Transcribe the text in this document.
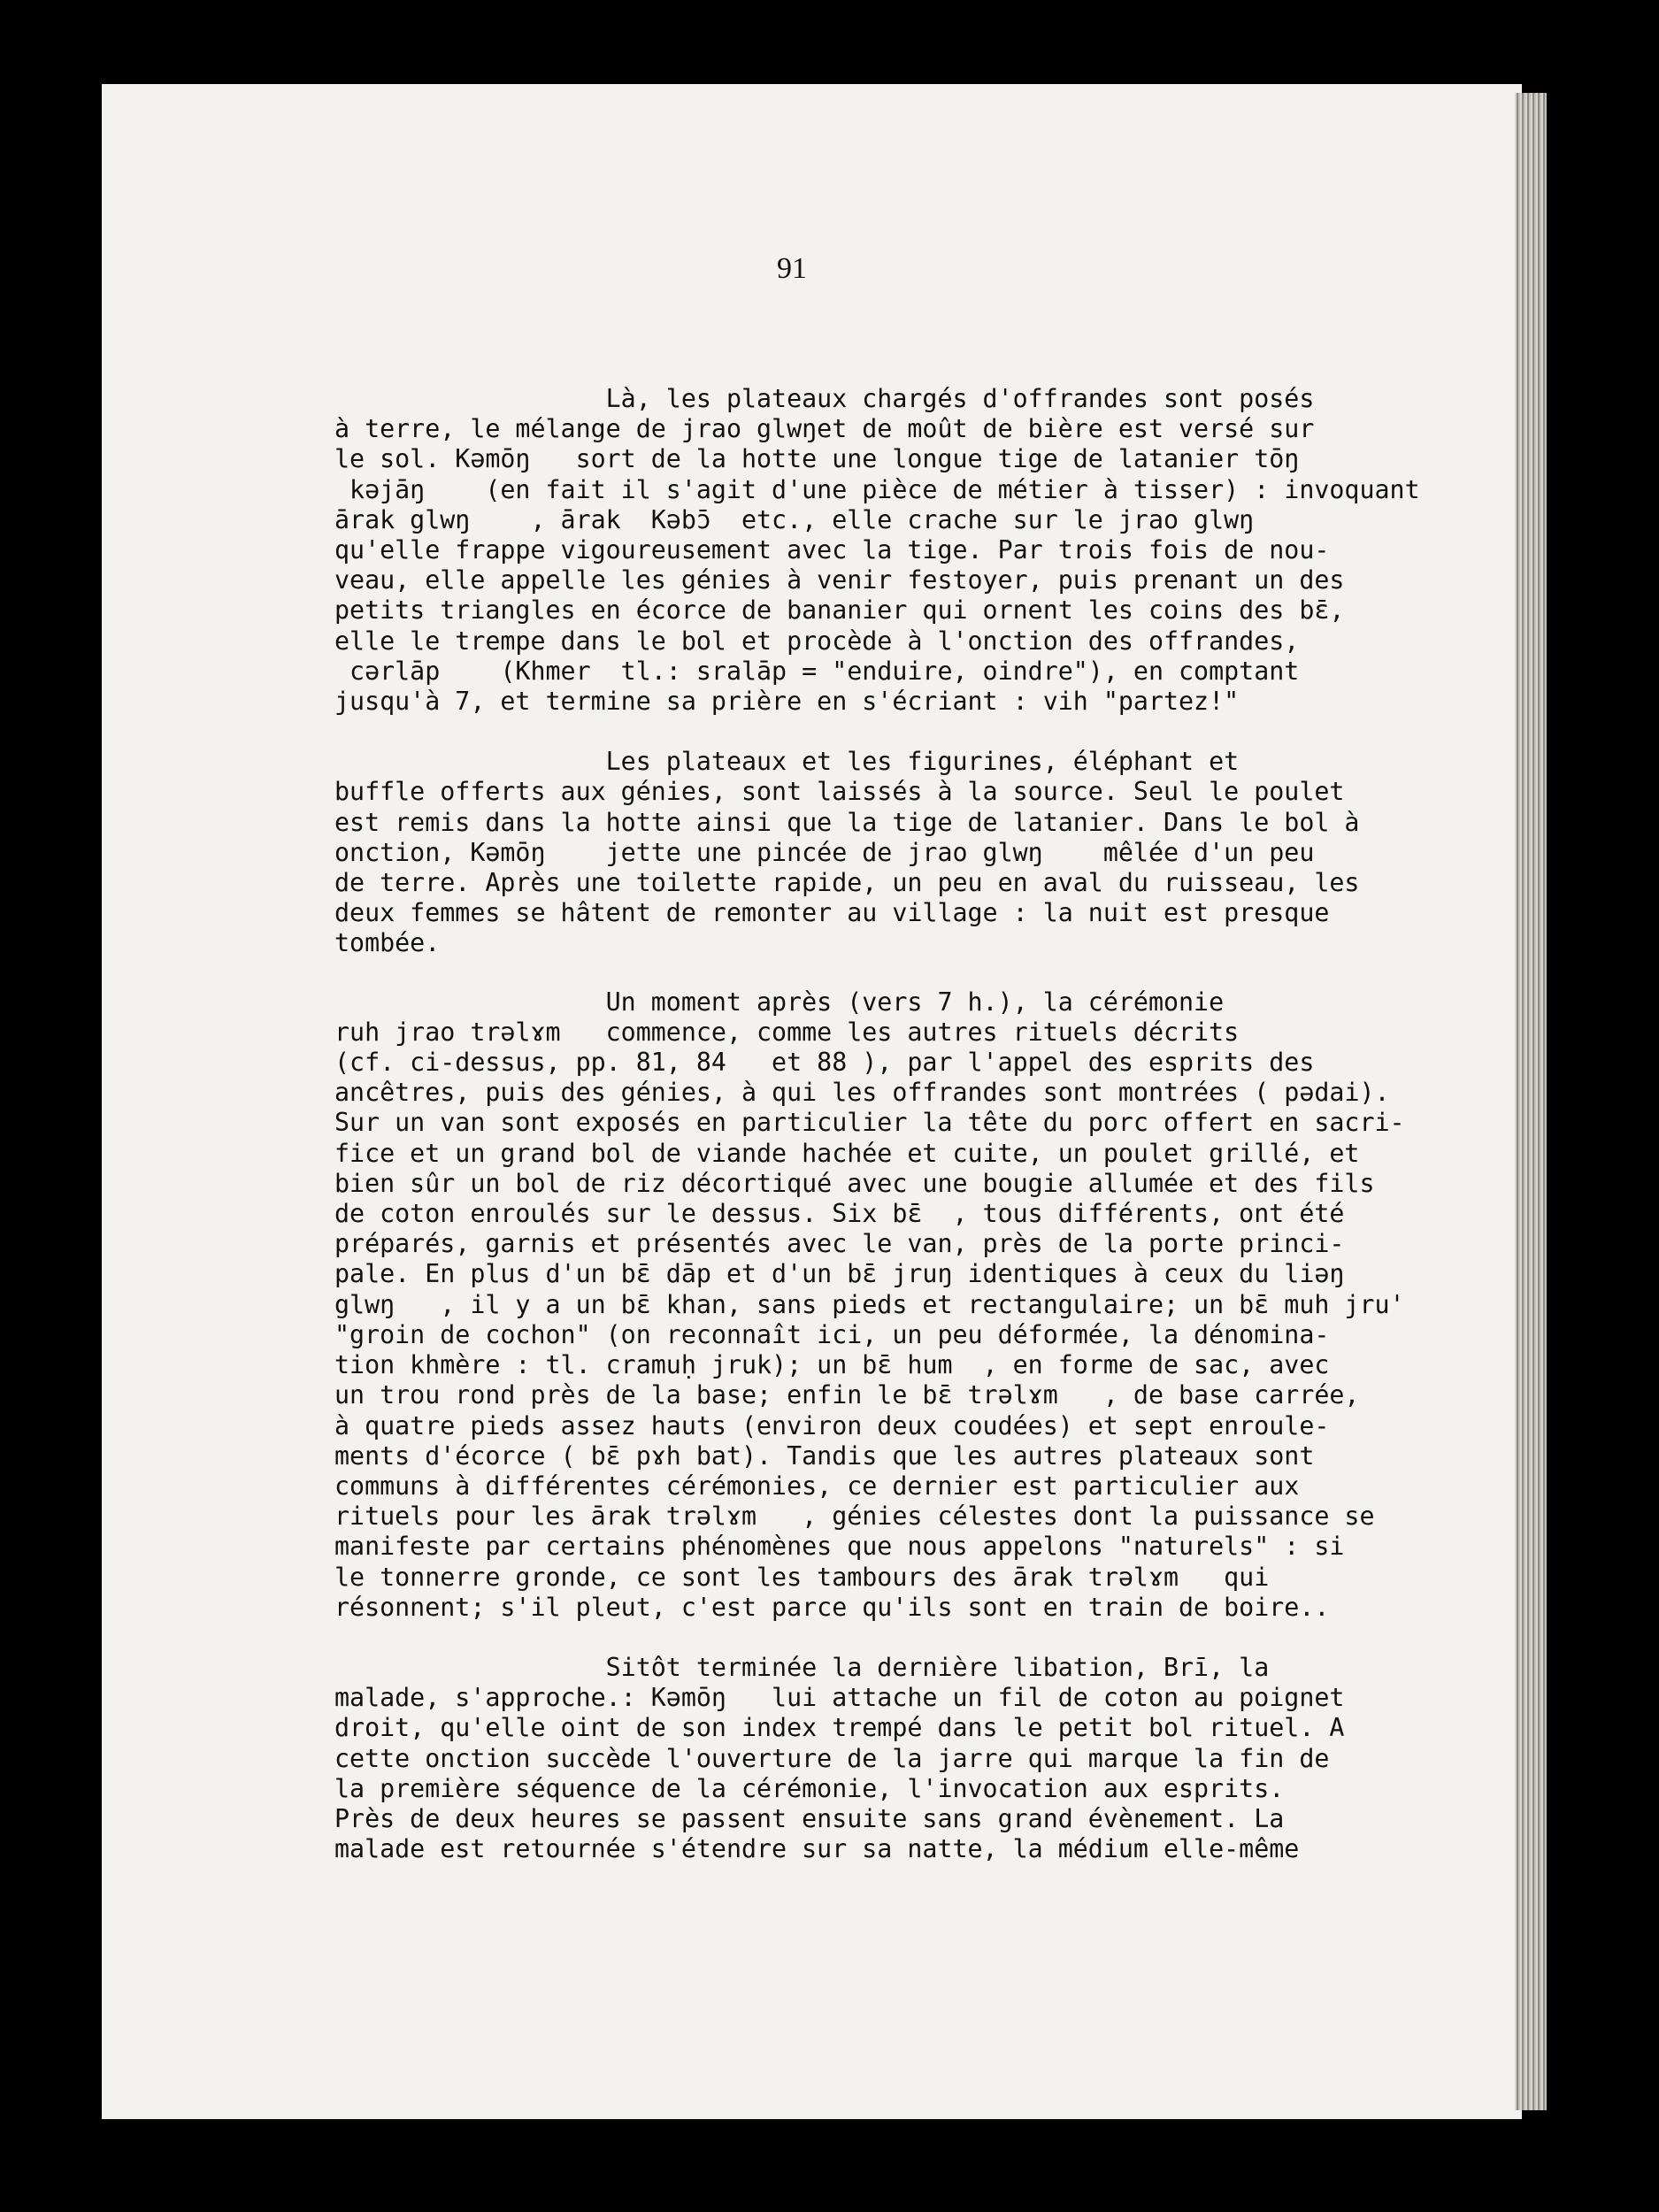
91

Là, les plateaux chargés d'offrandes sont posés
à terre, le mélange de jrao glwŋet de moût de bière est versé sur
le sol. Kəmōŋ   sort de la hotte une longue tige de latanier tōŋ
kəjāŋ    (en fait il s'agit d'une pièce de métier à tisser) : invoquant
ārak glwŋ    , ārak  Kəbɔ̄  etc., elle crache sur le jrao glwŋ
qu'elle frappe vigoureusement avec la tige. Par trois fois de nou-
veau, elle appelle les génies à venir festoyer, puis prenant un des
petits triangles en écorce de bananier qui ornent les coins des bɛ̄,
elle le trempe dans le bol et procède à l'onction des offrandes,
cərlāp    (Khmer  tl.: sralāp = "enduire, oindre"), en comptant
jusqu'à 7, et termine sa prière en s'écriant : vih "partez!"

Les plateaux et les figurines, éléphant et
buffle offerts aux génies, sont laissés à la source. Seul le poulet
est remis dans la hotte ainsi que la tige de latanier. Dans le bol à
onction, Kəmōŋ    jette une pincée de jrao glwŋ    mêlée d'un peu
de terre. Après une toilette rapide, un peu en aval du ruisseau, les
deux femmes se hâtent de remonter au village : la nuit est presque
tombée.

Un moment après (vers 7 h.), la cérémonie
ruh jrao trəlɤm   commence, comme les autres rituels décrits
(cf. ci-dessus, pp. 81, 84   et 88 ), par l'appel des esprits des
ancêtres, puis des génies, à qui les offrandes sont montrées ( pədai).
Sur un van sont exposés en particulier la tête du porc offert en sacri-
fice et un grand bol de viande hachée et cuite, un poulet grillé, et
bien sûr un bol de riz décortiqué avec une bougie allumée et des fils
de coton enroulés sur le dessus. Six bɛ̄  , tous différents, ont été
préparés, garnis et présentés avec le van, près de la porte princi-
pale. En plus d'un bɛ̄ dāp et d'un bɛ̄ jruŋ identiques à ceux du liəŋ
glwŋ   , il y a un bɛ̄ khan, sans pieds et rectangulaire; un bɛ̄ muh
"groin de cochon" (on reconnaît ici, un peu déformée, la dénomina-
tion khmère : tl. cramuḥ jruk); un bɛ̄ hum  , en forme de sac, avec
un trou rond près de la base; enfin le bɛ̄ trəlɤm   , de base carrée,
à quatre pieds assez hauts (environ deux coudées) et sept enroule-
ments d'écorce ( bɛ̄ pɤh bat). Tandis que les autres plateaux sont
communs à différentes cérémonies, ce dernier est particulier aux
rituels pour les ārak trəlɤm   , génies célestes dont la puissance se
manifeste par certains phénomènes que nous appelons "naturels" : si
le tonnerre gronde, ce sont les tambours des ārak trəlɤm   qui
résonnent; s'il pleut, c'est parce qu'ils sont en train de boire..

Sitôt terminée la dernière libation, Brī, la
malade, s'approche.: Kəmōŋ   lui attache un fil de coton au poignet
droit, qu'elle oint de son index trempé dans le petit bol rituel. A
cette onction succède l'ouverture de la jarre qui marque la fin de
la première séquence de la cérémonie, l'invocation aux esprits.
Près de deux heures se passent ensuite sans grand évènement. La
malade est retournée s'étendre sur sa natte, la médium elle-même
